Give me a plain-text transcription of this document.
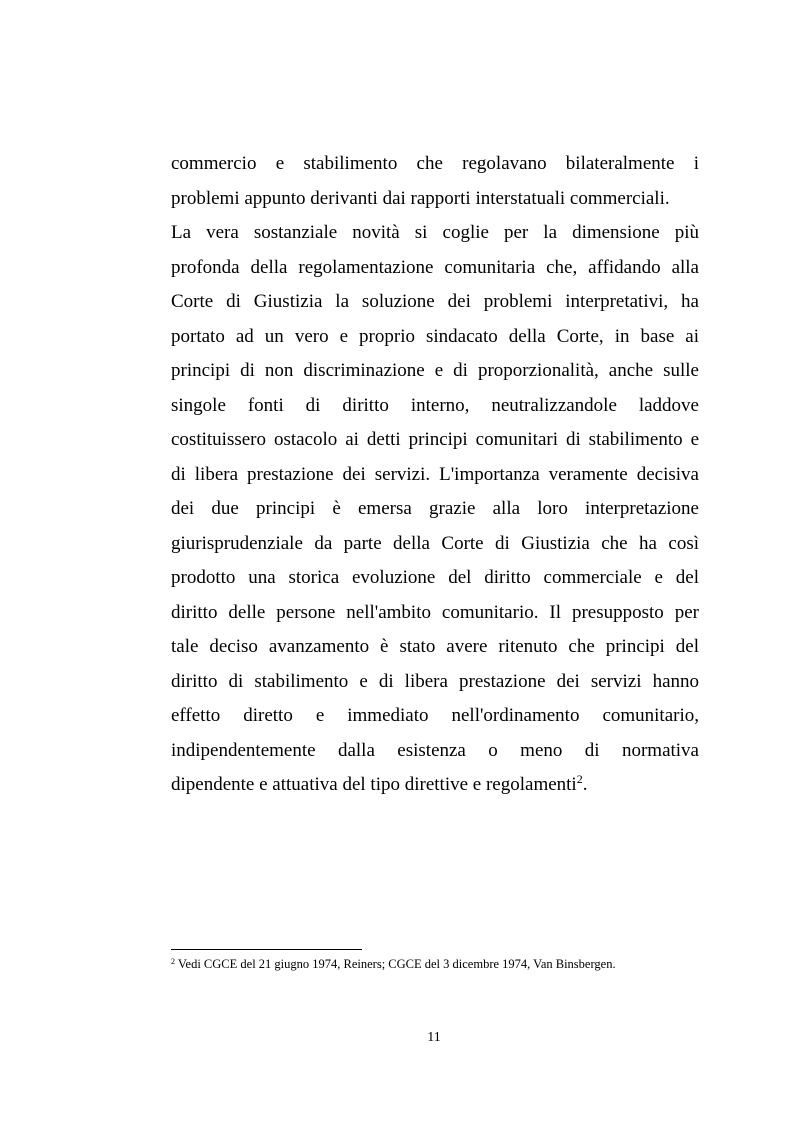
commercio e stabilimento che regolavano bilateralmente i
problemi appunto derivanti dai rapporti interstatuali commerciali.
La vera sostanziale novità si coglie per la dimensione più
profonda della regolamentazione comunitaria che, affidando alla
Corte di Giustizia la soluzione dei problemi interpretativi, ha
portato ad un vero e proprio sindacato della Corte, in base ai
principi di non discriminazione e di proporzionalità, anche sulle
singole fonti di diritto interno, neutralizzandole laddove
costituissero ostacolo ai detti principi comunitari di stabilimento e
di libera prestazione dei servizi. L'importanza veramente decisiva
dei due principi è emersa grazie alla loro interpretazione
giurisprudenziale da parte della Corte di Giustizia che ha così
prodotto una storica evoluzione del diritto commerciale e del
diritto delle persone nell'ambito comunitario. Il presupposto per
tale deciso avanzamento è stato avere ritenuto che principi del
diritto di stabilimento e di libera prestazione dei servizi hanno
effetto diretto e immediato nell'ordinamento comunitario,
indipendentemente dalla esistenza o meno di normativa
dipendente e attuativa del tipo direttive e regolamenti$^2$.
$^2$ Vedi CGCE del 21 giugno 1974, Reiners; CGCE del 3 dicembre 1974, Van Binsbergen.
11
